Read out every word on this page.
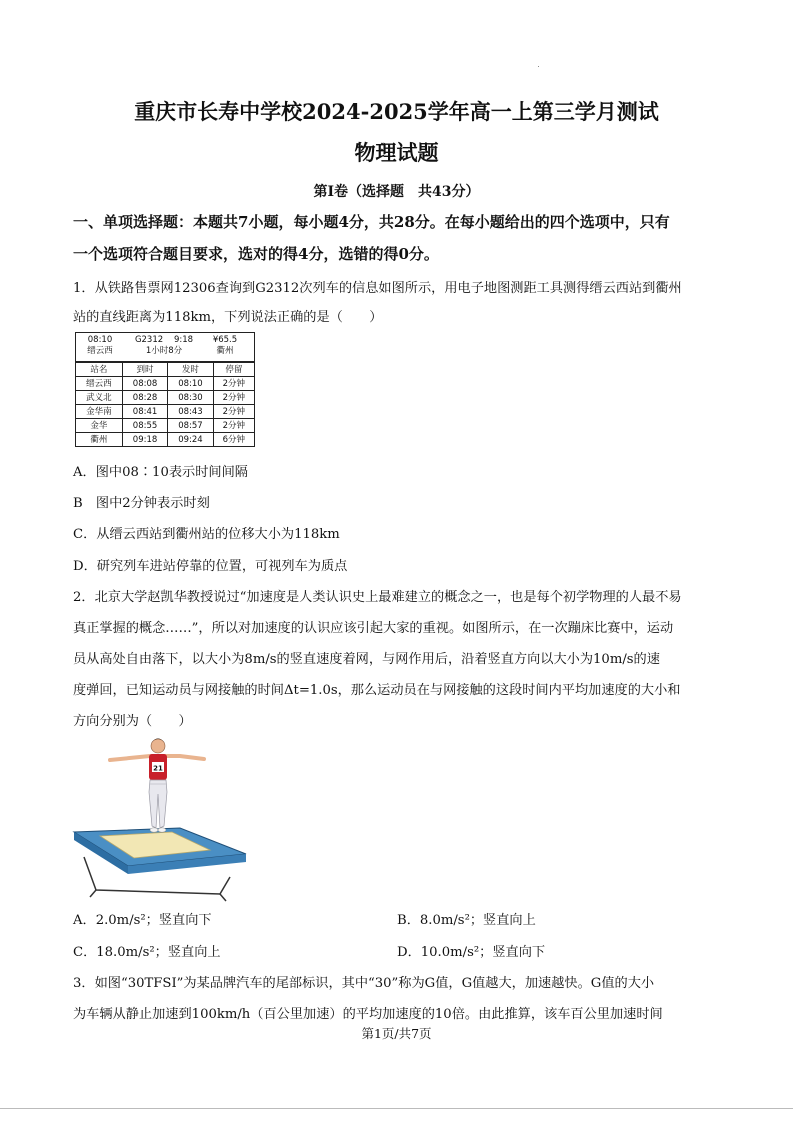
重庆市长寿中学校2024-2025学年高一上第三学月测试
物理试题
第Ⅰ卷（选择题　共43分）
一、单项选择题：本题共7小题，每小题4分，共28分。在每小题给出的四个选项中，只有
一个选项符合题目要求，选对的得4分，选错的得0分。
1．从铁路售票网12306查询到G2312次列车的信息如图所示，用电子地图测距工具测得缙云西站到衢州
站的直线距离为118km，下列说法正确的是（　　）
08:10
缙云西
G2312 9:18
1小时8分
¥65.5
衢州
站名	到时	发时	停留
缙云西	08:08	08:10	2分钟
武义北	08:28	08:30	2分钟
金华南	08:41	08:43	2分钟
金华	08:55	08:57	2分钟
衢州	09:18	09:24	6分钟
A．图中08∶10表示时间间隔
B　图中2分钟表示时刻
C．从缙云西站到衢州站的位移大小为118km
D．研究列车进站停靠的位置，可视列车为质点
2．北京大学赵凯华教授说过“加速度是人类认识史上最难建立的概念之一，也是每个初学物理的人最不易
真正掌握的概念……”，所以对加速度的认识应该引起大家的重视。如图所示，在一次蹦床比赛中，运动
员从高处自由落下，以大小为8m/s的竖直速度着网，与网作用后，沿着竖直方向以大小为10m/s的速
度弹回，已知运动员与网接触的时间Δt=1.0s，那么运动员在与网接触的这段时间内平均加速度的大小和
方向分别为（　　）
21
A．2.0m/s²；竖直向下	B．8.0m/s²；竖直向上
C．18.0m/s²；竖直向上	D．10.0m/s²；竖直向下
3．如图“30TFSI”为某品牌汽车的尾部标识，其中“30”称为G值，G值越大，加速越快。G值的大小
为车辆从静止加速到100km/h（百公里加速）的平均加速度的10倍。由此推算，该车百公里加速时间
第1页/共7页
